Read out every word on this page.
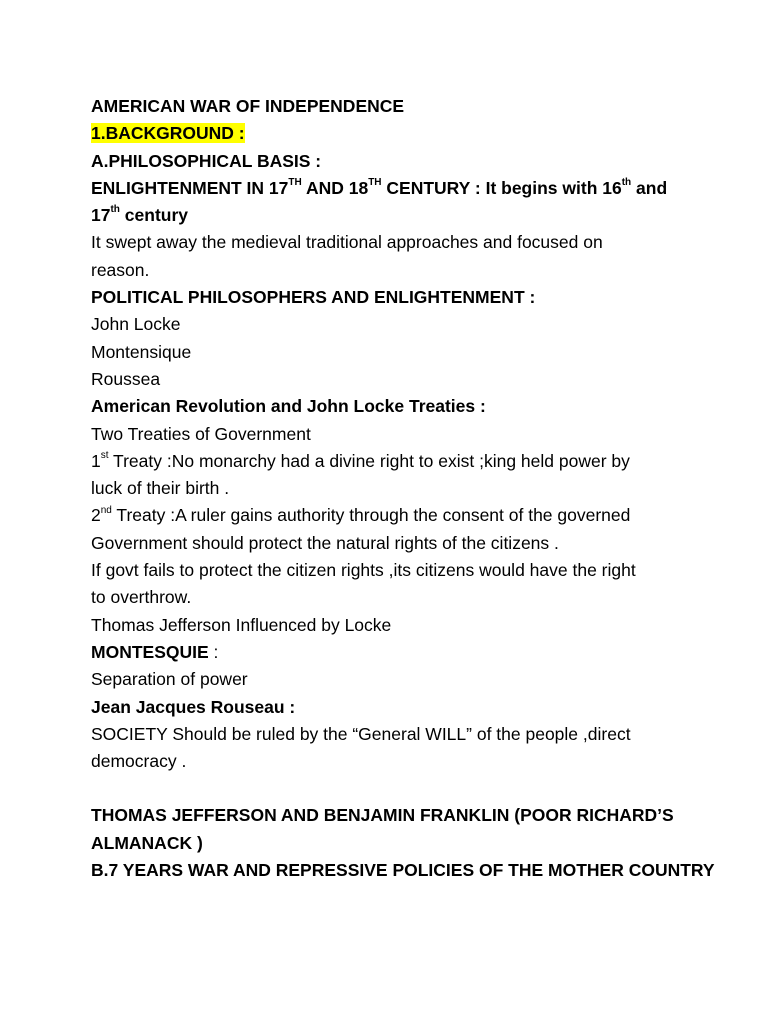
AMERICAN WAR OF INDEPENDENCE
1.BACKGROUND :
A.PHILOSOPHICAL BASIS :
ENLIGHTENMENT IN 17TH AND 18TH CENTURY : It begins with 16th and
17th century
It swept away the medieval traditional approaches and focused on
reason.
POLITICAL PHILOSOPHERS AND ENLIGHTENMENT :
John Locke
Montensique
Roussea
American Revolution and John Locke Treaties :
Two Treaties of Government
1st Treaty :No monarchy had a divine right to exist ;king held power by
luck of their birth .
2nd Treaty :A ruler gains authority through the consent of the governed
Government should protect the natural rights of the citizens .
If govt fails to protect the citizen rights ,its citizens would have the right
to overthrow.
Thomas Jefferson Influenced by Locke
MONTESQUIE :
Separation of power
Jean Jacques Rouseau :
SOCIETY Should be ruled by the “General WILL” of the people ,direct
democracy .
THOMAS JEFFERSON AND BENJAMIN FRANKLIN (POOR RICHARD’S
ALMANACK )
B.7 YEARS WAR AND REPRESSIVE POLICIES OF THE MOTHER COUNTRY
